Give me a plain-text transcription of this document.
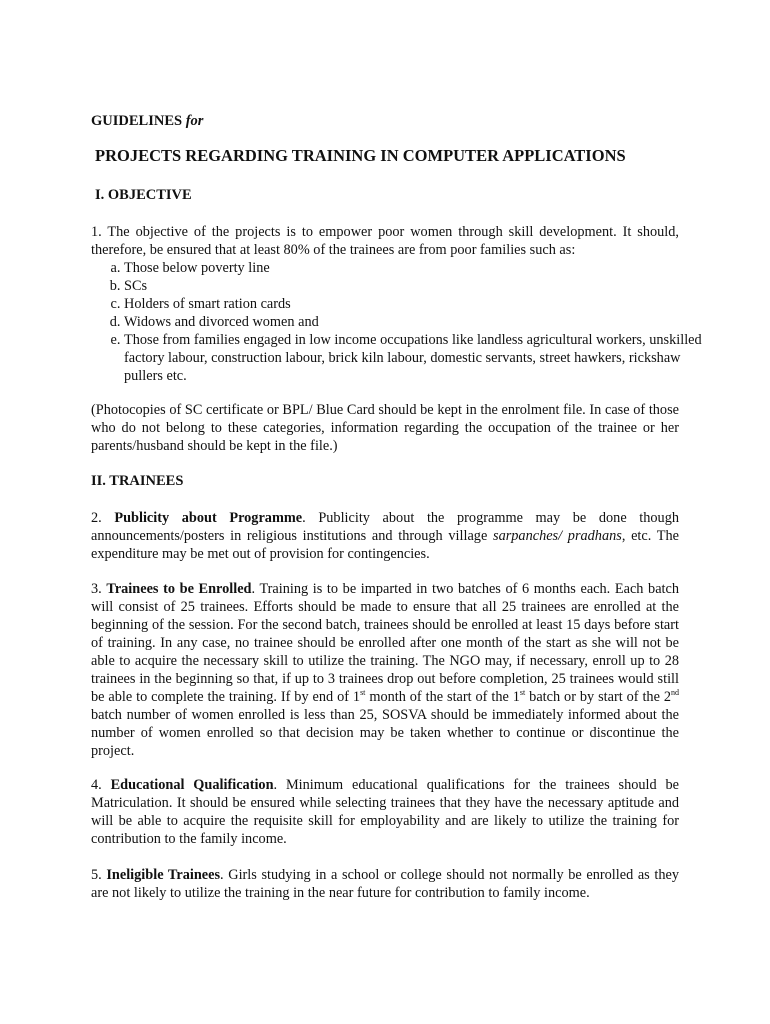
GUIDELINES for
PROJECTS REGARDING TRAINING IN COMPUTER APPLICATIONS
I. OBJECTIVE
1. The objective of the projects is to empower poor women through skill development. It should, therefore, be ensured that at least 80% of the trainees are from poor families such as:
a. Those below poverty line
b. SCs
c. Holders of smart ration cards
d. Widows and divorced women and
e. Those from families engaged in low income occupations like landless agricultural workers, unskilled factory labour, construction labour, brick kiln labour, domestic servants, street hawkers, rickshaw pullers etc.
(Photocopies of SC certificate or BPL/ Blue Card should be kept in the enrolment file. In case of those who do not belong to these categories, information regarding the occupation of the trainee or her parents/husband should be kept in the file.)
II. TRAINEES
2. Publicity about Programme. Publicity about the programme may be done though announcements/posters in religious institutions and through village sarpanches/ pradhans, etc. The expenditure may be met out of provision for contingencies.
3. Trainees to be Enrolled. Training is to be imparted in two batches of 6 months each. Each batch will consist of 25 trainees. Efforts should be made to ensure that all 25 trainees are enrolled at the beginning of the session. For the second batch, trainees should be enrolled at least 15 days before start of training. In any case, no trainee should be enrolled after one month of the start as she will not be able to acquire the necessary skill to utilize the training. The NGO may, if necessary, enroll up to 28 trainees in the beginning so that, if up to 3 trainees drop out before completion, 25 trainees would still be able to complete the training. If by end of 1st month of the start of the 1st batch or by start of the 2nd batch number of women enrolled is less than 25, SOSVA should be immediately informed about the number of women enrolled so that decision may be taken whether to continue or discontinue the project.
4. Educational Qualification. Minimum educational qualifications for the trainees should be Matriculation. It should be ensured while selecting trainees that they have the necessary aptitude and will be able to acquire the requisite skill for employability and are likely to utilize the training for contribution to the family income.
5. Ineligible Trainees. Girls studying in a school or college should not normally be enrolled as they are not likely to utilize the training in the near future for contribution to family income.
